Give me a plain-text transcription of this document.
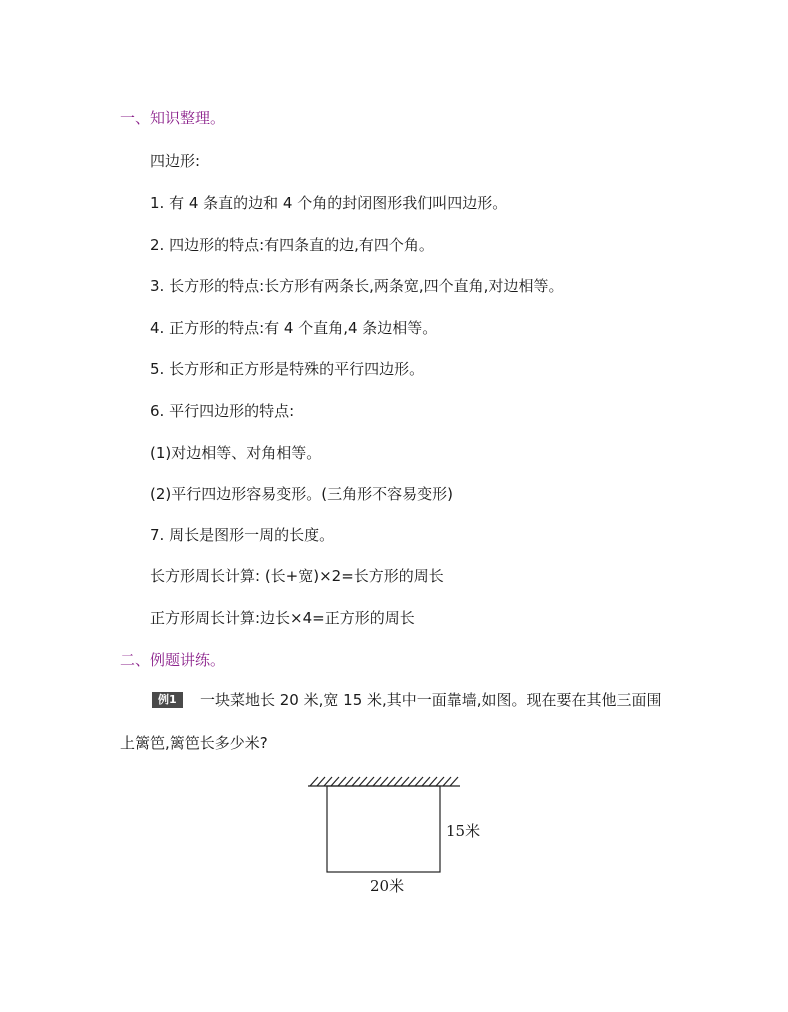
一、知识整理。
四边形:
1. 有 4 条直的边和 4 个角的封闭图形我们叫四边形。
2. 四边形的特点:有四条直的边,有四个角。
3. 长方形的特点:长方形有两条长,两条宽,四个直角,对边相等。
4. 正方形的特点:有 4 个直角,4 条边相等。
5. 长方形和正方形是特殊的平行四边形。
6. 平行四边形的特点:
(1)对边相等、对角相等。
(2)平行四边形容易变形。(三角形不容易变形)
7. 周长是图形一周的长度。
长方形周长计算: (长+宽)×2=长方形的周长
正方形周长计算:边长×4=正方形的周长
二、例题讲练。
例1	一块菜地长 20 米,宽 15 米,其中一面靠墙,如图。现在要在其他三面围
上篱笆,篱笆长多少米?
15米
20米
